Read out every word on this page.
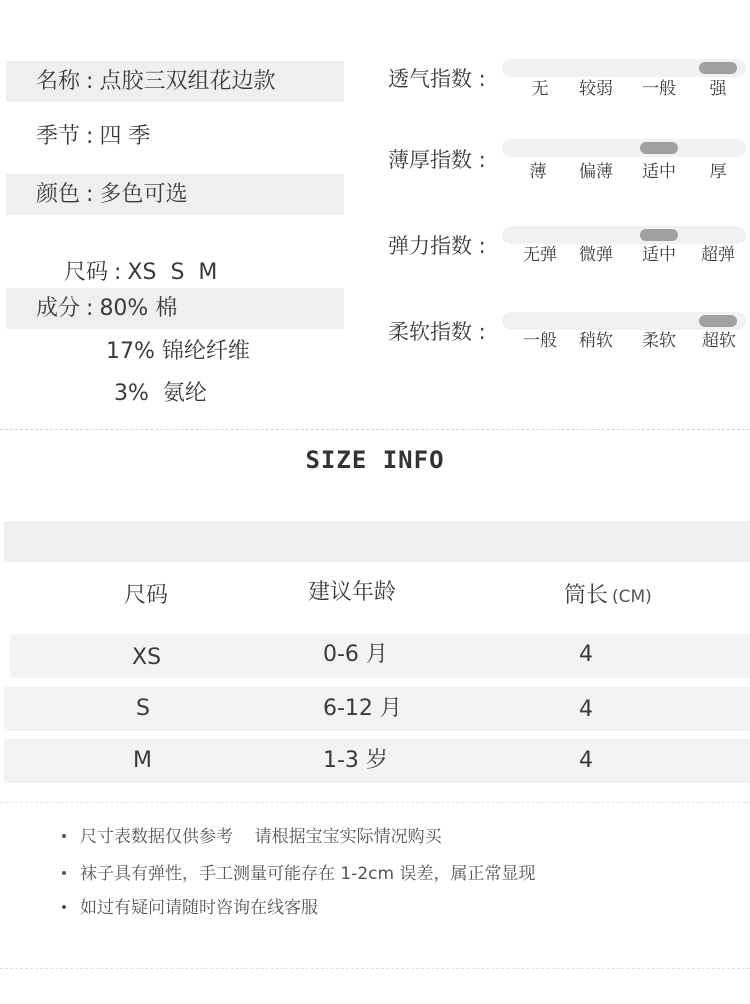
名称 : 点胶三双组花边款
季节 : 四 季
颜色 : 多色可选

尺码 : XS  S  M

成分 : 80% 棉
17% 锦纶纤维
3%  氨纶
透气指数 :	无 较弱 一般 强
薄厚指数 :	薄 偏薄 适中 厚
弹力指数 : 无弹 微弹 适中 超弹
柔软指数 : 一般 稍软 柔软 超软
SIZE INFO
尺码	建议年龄	筒长 (CM)
XS	0-6 月	4
S	6-12 月	4
M	1-3 岁	4
尺寸表数据仅供参考    请根据宝宝实际情况购买
袜子具有弹性，手工测量可能存在 1-2cm 误差，属正常显现
如过有疑问请随时咨询在线客服
